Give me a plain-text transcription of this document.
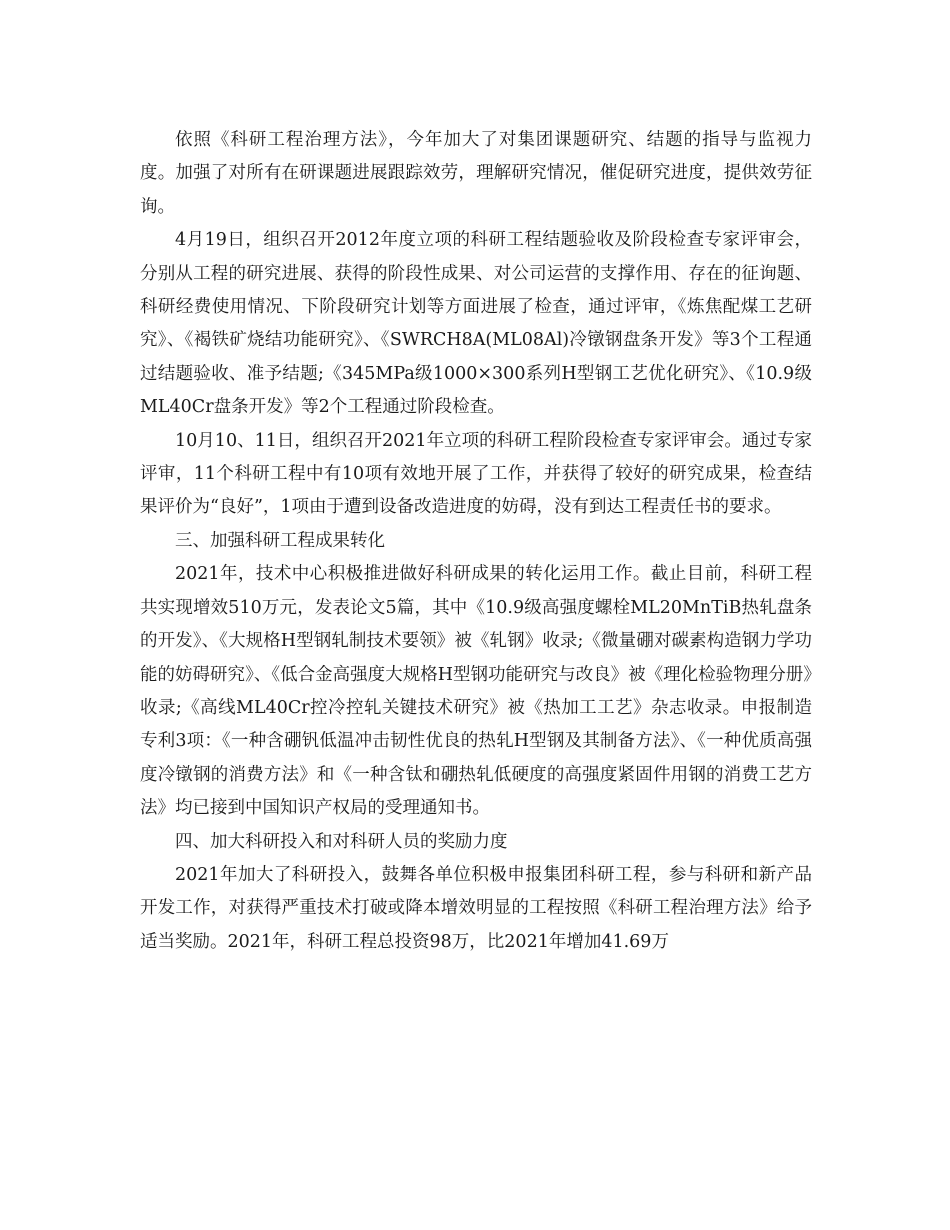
依照《科研工程治理方法》，今年加大了对集团课题研究、结题的指导与监视力度。加强了对所有在研课题进展跟踪效劳，理解研究情况，催促研究进度，提供效劳征询。

4月19日，组织召开2012年度立项的科研工程结题验收及阶段检查专家评审会，分别从工程的研究进展、获得的阶段性成果、对公司运营的支撑作用、存在的征询题、科研经费使用情况、下阶段研究计划等方面进展了检查，通过评审，《炼焦配煤工艺研究》、《褐铁矿烧结功能研究》、《SWRCH8A(ML08Al)冷镦钢盘条开发》等3个工程通过结题验收、准予结题;《345MPa级1000×300系列H型钢工艺优化研究》、《10.9级ML40Cr盘条开发》等2个工程通过阶段检查。

10月10、11日，组织召开2021年立项的科研工程阶段检查专家评审会。通过专家评审，11个科研工程中有10项有效地开展了工作，并获得了较好的研究成果，检查结果评价为“良好”，1项由于遭到设备改造进度的妨碍，没有到达工程责任书的要求。

三、加强科研工程成果转化

2021年，技术中心积极推进做好科研成果的转化运用工作。截止目前，科研工程共实现增效510万元，发表论文5篇，其中《10.9级高强度螺栓ML20MnTiB热轧盘条的开发》、《大规格H型钢轧制技术要领》被《轧钢》收录;《微量硼对碳素构造钢力学功能的妨碍研究》、《低合金高强度大规格H型钢功能研究与改良》被《理化检验物理分册》收录;《高线ML40Cr控冷控轧关键技术研究》被《热加工工艺》杂志收录。申报制造专利3项：《一种含硼钒低温冲击韧性优良的热轧H型钢及其制备方法》、《一种优质高强度冷镦钢的消费方法》和《一种含钛和硼热轧低硬度的高强度紧固件用钢的消费工艺方法》均已接到中国知识产权局的受理通知书。

四、加大科研投入和对科研人员的奖励力度

2021年加大了科研投入，鼓舞各单位积极申报集团科研工程，参与科研和新产品开发工作，对获得严重技术打破或降本增效明显的工程按照《科研工程治理方法》给予适当奖励。2021年，科研工程总投资98万，比2021年增加41.69万
